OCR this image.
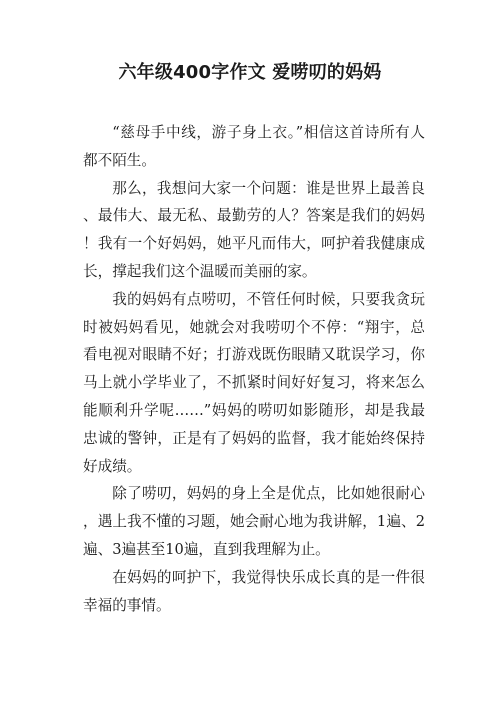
六年级400字作文 爱唠叨的妈妈

“慈母手中线，游子身上衣。”相信这首诗所有人都不陌生。

那么，我想问大家一个问题：谁是世界上最善良、最伟大、最无私、最勤劳的人？答案是我们的妈妈！我有一个好妈妈，她平凡而伟大，呵护着我健康成长，撑起我们这个温暖而美丽的家。

我的妈妈有点唠叨，不管任何时候，只要我贪玩时被妈妈看见，她就会对我唠叨个不停：“翔宇，总看电视对眼睛不好；打游戏既伤眼睛又耽误学习，你马上就小学毕业了，不抓紧时间好好复习，将来怎么能顺利升学呢……”妈妈的唠叨如影随形，却是我最忠诚的警钟，正是有了妈妈的监督，我才能始终保持好成绩。

除了唠叨，妈妈的身上全是优点，比如她很耐心，遇上我不懂的习题，她会耐心地为我讲解，1遍、2遍、3遍甚至10遍，直到我理解为止。

在妈妈的呵护下，我觉得快乐成长真的是一件很幸福的事情。
